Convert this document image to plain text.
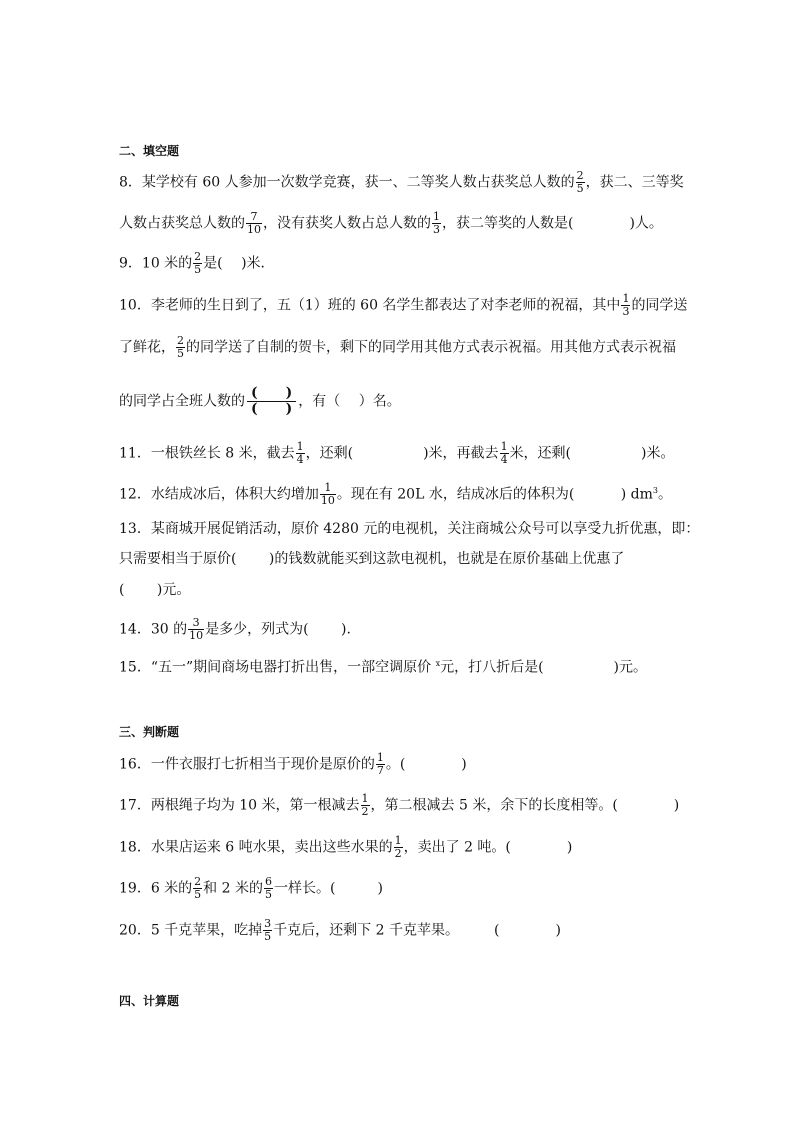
二、填空题
8．某学校有 60 人参加一次数学竞赛，获一、二等奖人数占获奖总人数的 $\frac{2}{5}$ ，获二、三等奖
人数占获奖总人数的 $\frac{7}{10}$ ，没有获奖人数占总人数的 $\frac{1}{3}$ ，获二等奖的人数是(　　　　)人。
9．10 米的 $\frac{2}{5}$ 是(　 )米．
10．李老师的生日到了，五（1）班的 60 名学生都表达了对李老师的祝福，其中 $\frac{1}{3}$ 的同学送
了鲜花， $\frac{2}{5}$ 的同学送了自制的贺卡，剩下的同学用其他方式表示祝福。用其他方式表示祝福
的同学占全班人数的 $\frac{( )}{( )}$ ，有（　 ）名。
11．一根铁丝长 8 米，截去 $\frac{1}{4}$ ，还剩(　　　　　)米，再截去 $\frac{1}{4}$ 米，还剩(　　　　　)米。
12．水结成冰后，体积大约增加 $\frac{1}{10}$ 。现在有 20L 水，结成冰后的体积为(　　　 ) $dm^3$。
13．某商城开展促销活动，原价 4280 元的电视机，关注商城公众号可以享受九折优惠，即：
只需要相当于原价(　　 )的钱数就能买到这款电视机，也就是在原价基础上优惠了
(　　 )元。
14．30 的 $\frac{3}{10}$ 是多少，列式为(　　 ).
15．“五一”期间商场电器打折出售，一部空调原价 $^x$元，打八折后是(　　　　　)元。
三、判断题
16．一件衣服打七折相当于现价是原价的 $\frac{1}{7}$ 。(　　　　)
17．两根绳子均为 10 米，第一根减去 $\frac{1}{2}$ ，第二根减去 5 米，余下的长度相等。(　　　　)
18．水果店运来 6 吨水果，卖出这些水果的 $\frac{1}{2}$ ，卖出了 2 吨。(　　　　)
19．6 米的 $\frac{2}{5}$ 和 2 米的 $\frac{6}{5}$ 一样长。(　　　)
20．5 千克苹果，吃掉 $\frac{3}{5}$ 千克后，还剩下 2 千克苹果。　　　(　　　　)
四、计算题
